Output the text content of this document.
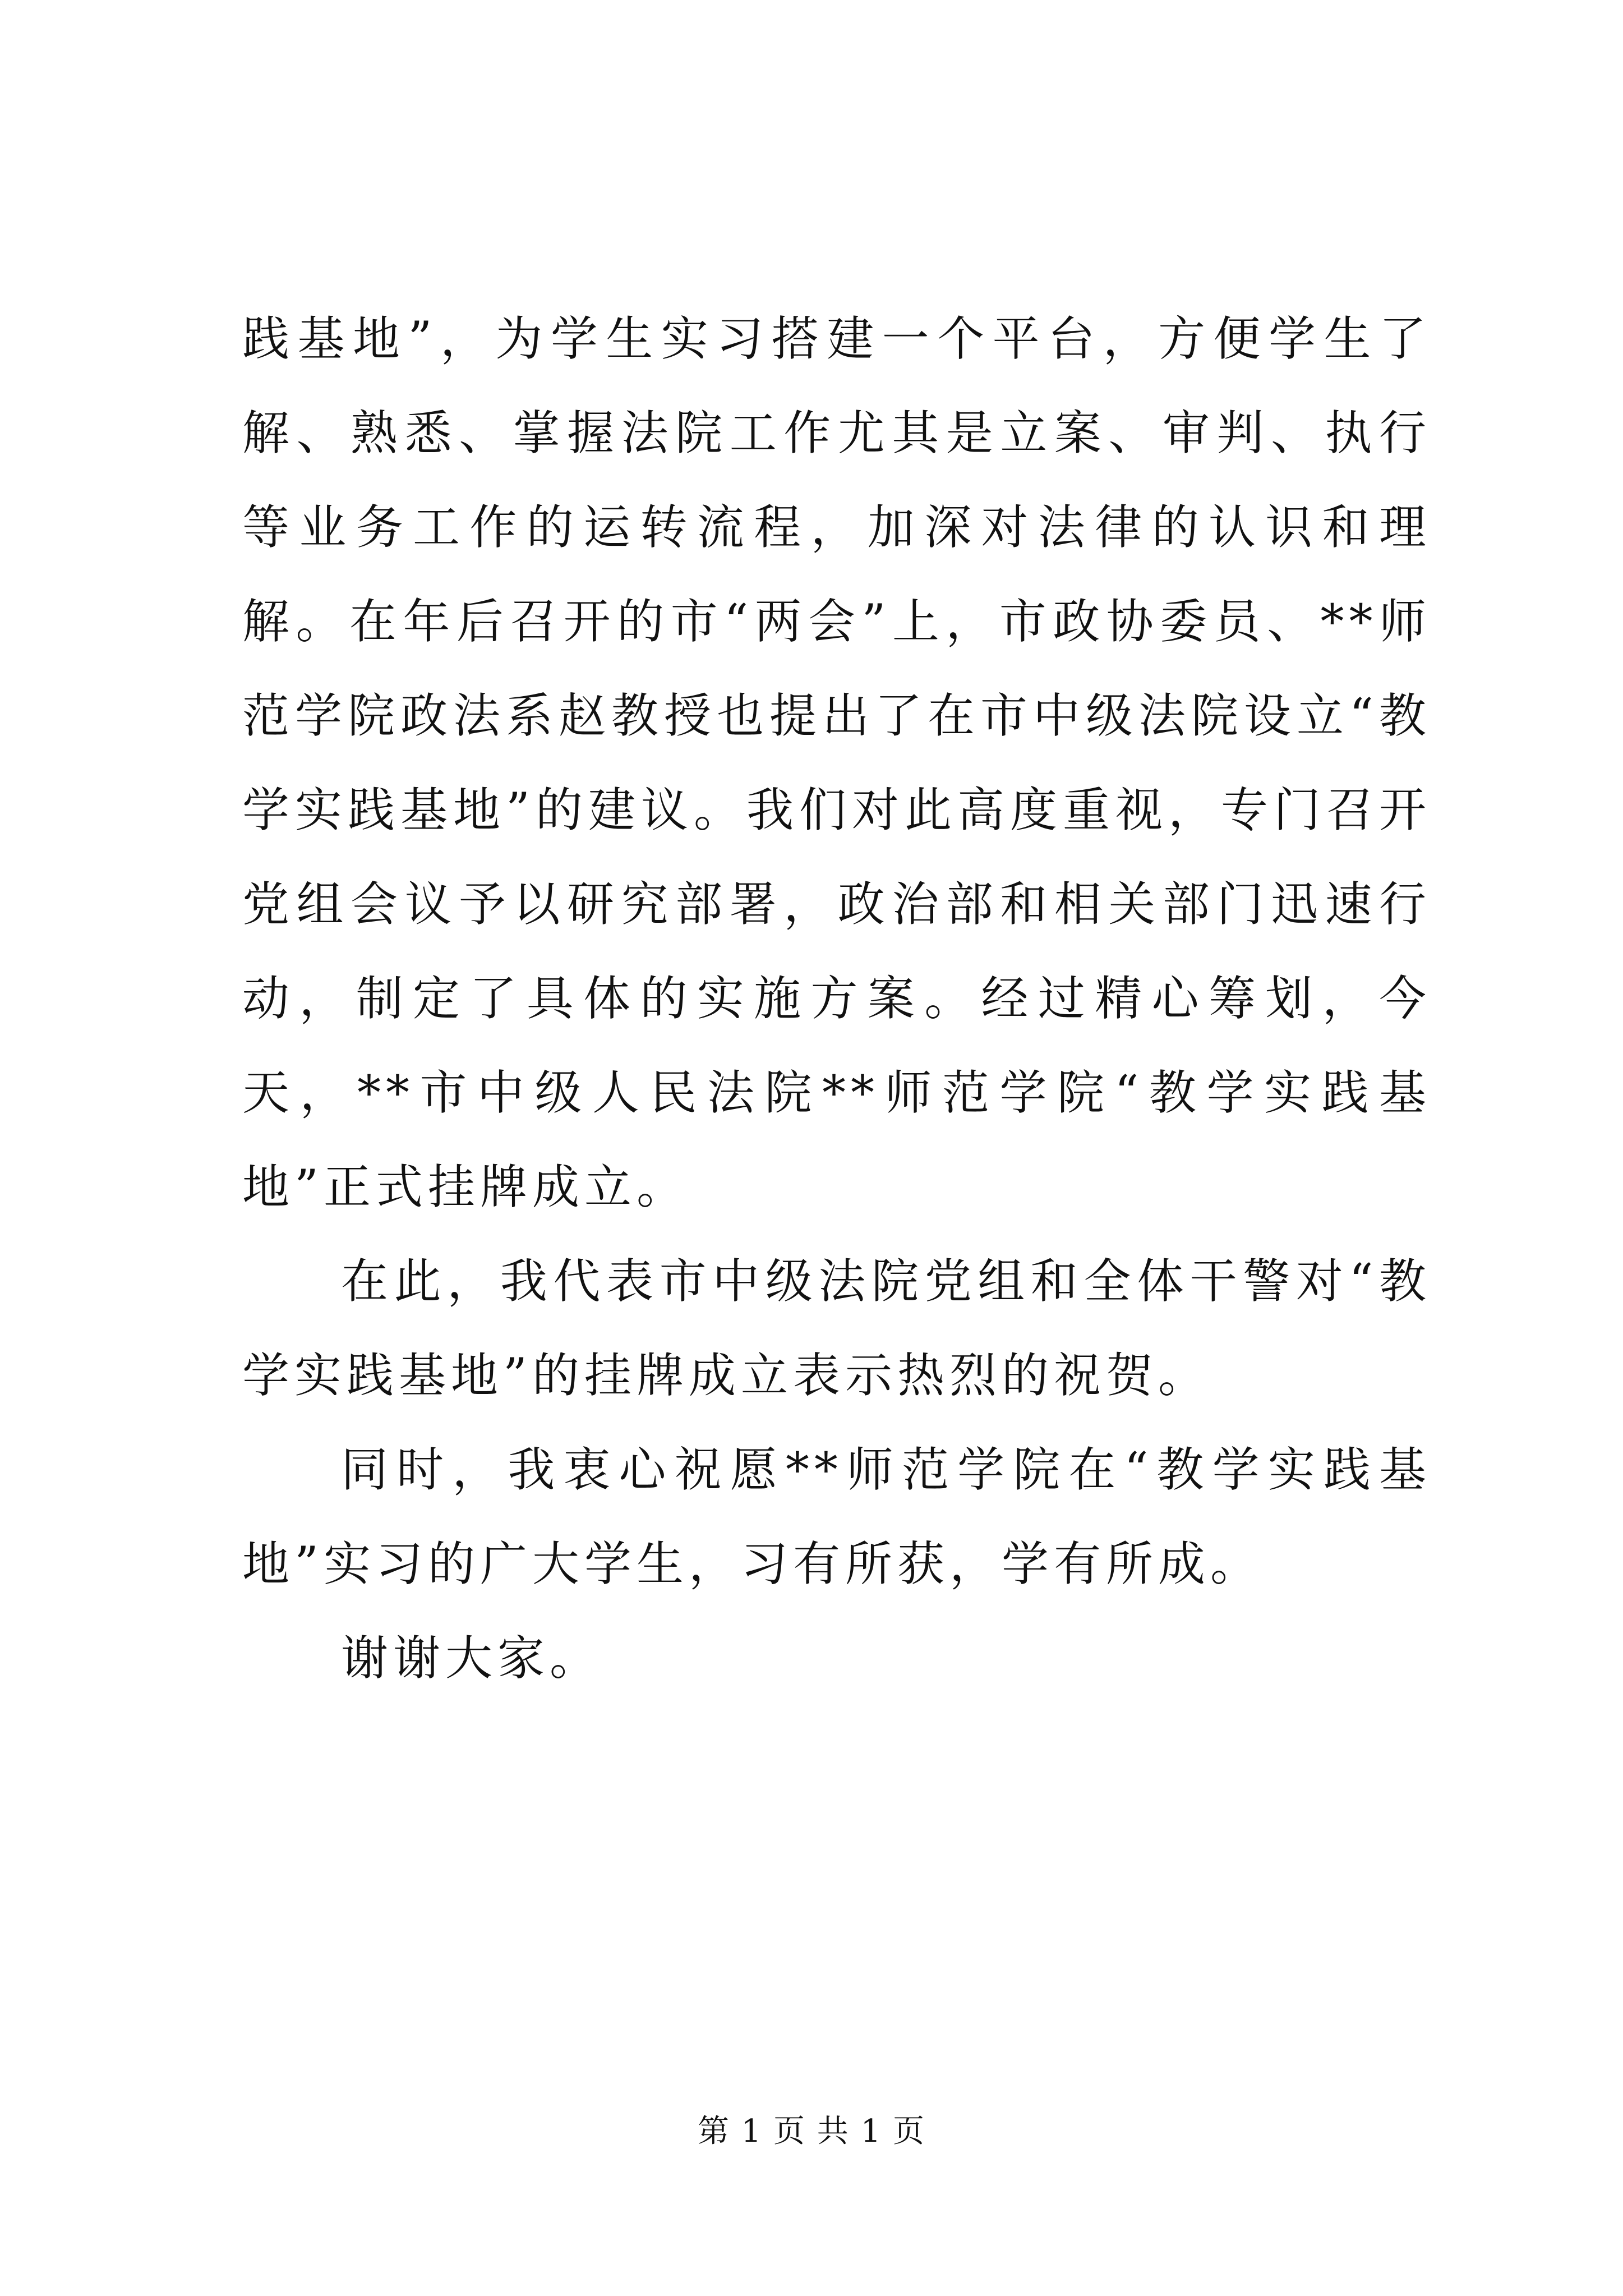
践基地”，为学生实习搭建一个平台，方便学生了解、熟悉、掌握法院工作尤其是立案、审判、执行等业务工作的运转流程，加深对法律的认识和理解。在年后召开的市“两会”上，市政协委员、**师范学院政法系赵教授也提出了在市中级法院设立“教学实践基地”的建议。我们对此高度重视，专门召开党组会议予以研究部署，政治部和相关部门迅速行动，制定了具体的实施方案。经过精心筹划，今天，**市中级人民法院**师范学院“教学实践基地”正式挂牌成立。

在此，我代表市中级法院党组和全体干警对“教学实践基地”的挂牌成立表示热烈的祝贺。

同时，我衷心祝愿**师范学院在“教学实践基地”实习的广大学生，习有所获，学有所成。

谢谢大家。

第 1 页 共 1 页
